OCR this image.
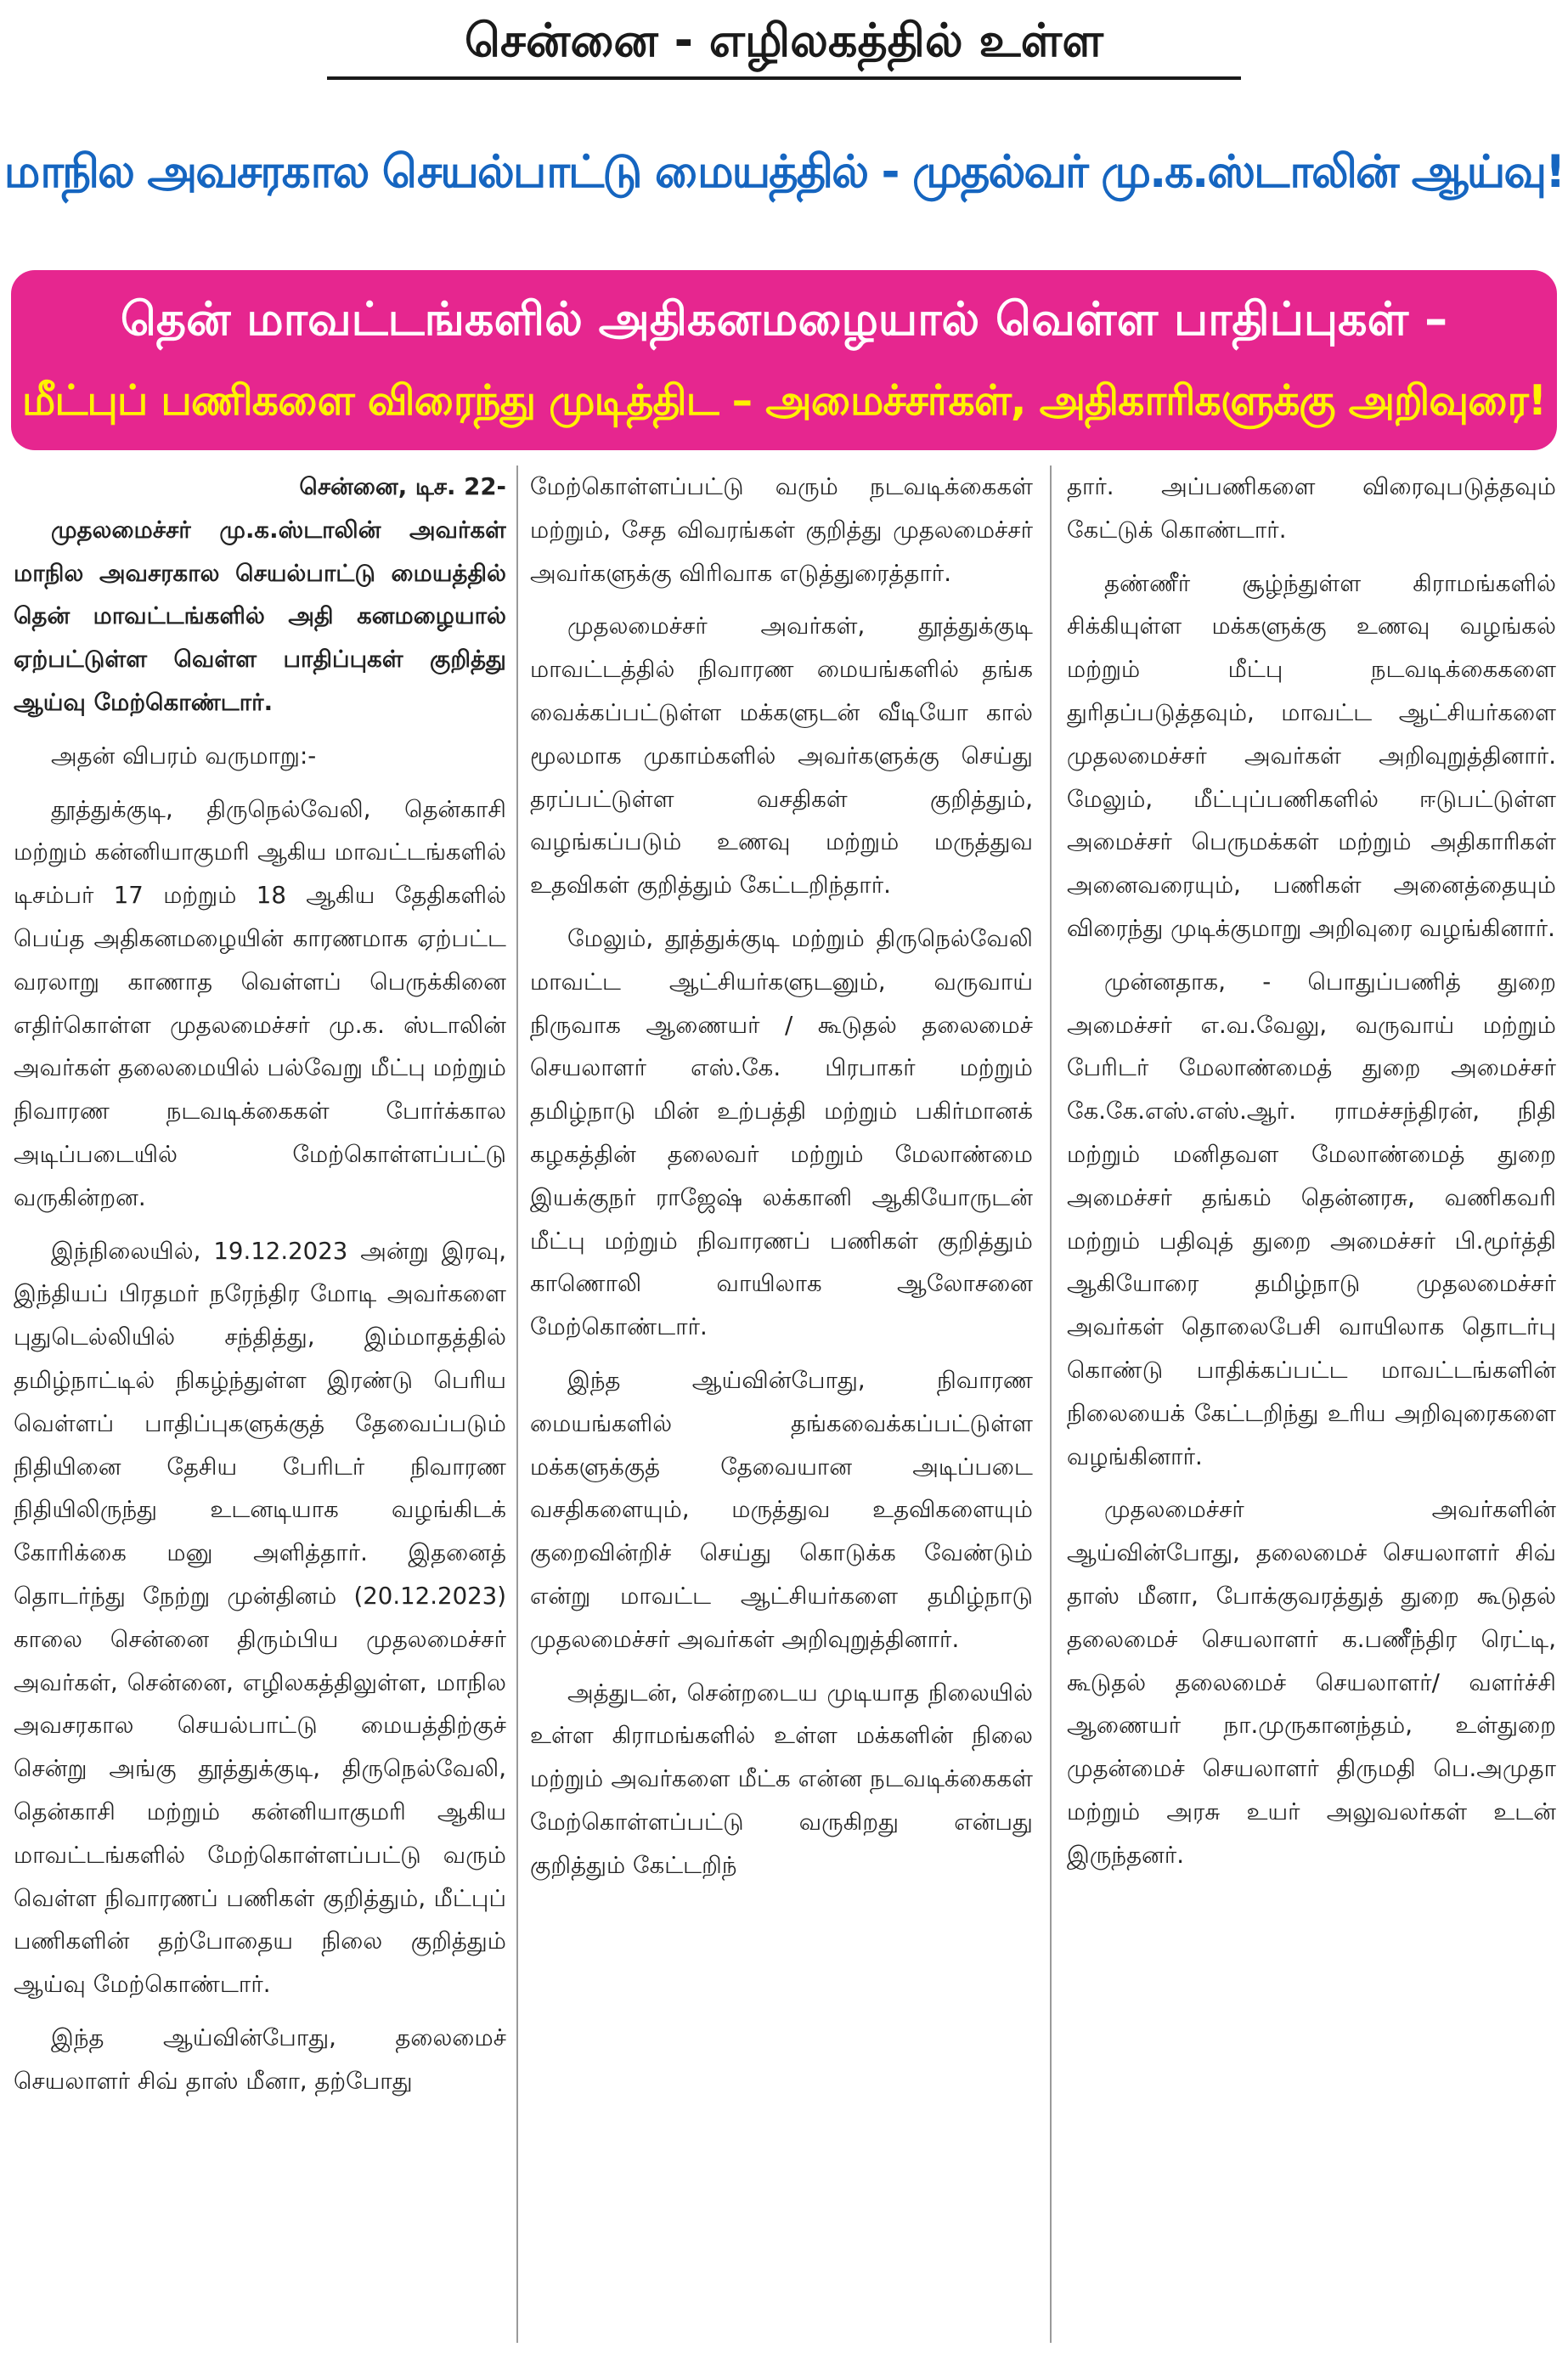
சென்னை - எழிலகத்தில் உள்ள
மாநில அவசரகால செயல்பாட்டு மையத்தில் - முதல்வர் மு.க.ஸ்டாலின் ஆய்வு!
தென் மாவட்டங்களில் அதிகனமழையால் வெள்ள பாதிப்புகள் –
மீட்புப் பணிகளை விரைந்து முடித்திட – அமைச்சர்கள், அதிகாரிகளுக்கு அறிவுரை!

சென்னை, டிச. 22-

முதலமைச்சர் மு.க.ஸ்டாலின் அவர்கள் மாநில அவசரகால செயல்பாட்டு மையத்தில் தென் மாவட்டங்களில் அதி கனமழையால் ஏற்பட்டுள்ள வெள்ள பாதிப்புகள் குறித்து ஆய்வு மேற்கொண்டார்.

அதன் விபரம் வருமாறு:-

தூத்துக்குடி, திருநெல்வேலி, தென்காசி மற்றும் கன்னியாகுமரி ஆகிய மாவட்டங்களில் டிசம்பர் 17 மற்றும் 18 ஆகிய தேதிகளில் பெய்த அதிகனமழையின் காரணமாக ஏற்பட்ட வரலாறு காணாத வெள்ளப் பெருக்கினை எதிர்கொள்ள முதலமைச்சர் மு.க. ஸ்டாலின் அவர்கள் தலைமையில் பல்வேறு மீட்பு மற்றும் நிவாரண நடவடிக்கைகள் போர்க்கால அடிப்படையில் மேற்கொள்ளப்பட்டு வருகின்றன.

இந்நிலையில், 19.12.2023 அன்று இரவு, இந்தியப் பிரதமர் நரேந்திர மோடி அவர்களை புதுடெல்லியில் சந்தித்து, இம்மாதத்தில் தமிழ்நாட்டில் நிகழ்ந்துள்ள இரண்டு பெரிய வெள்ளப் பாதிப்புகளுக்குத் தேவைப்படும் நிதியினை தேசிய பேரிடர் நிவாரண நிதியிலிருந்து உடனடியாக வழங்கிடக் கோரிக்கை மனு அளித்தார். இதனைத் தொடர்ந்து நேற்று முன்தினம் (20.12.2023) காலை சென்னை திரும்பிய முதலமைச்சர் அவர்கள், சென்னை, எழிலகத்திலுள்ள, மாநில அவசரகால செயல்பாட்டு மையத்திற்குச் சென்று அங்கு தூத்துக்குடி, திருநெல்வேலி, தென்காசி மற்றும் கன்னியாகுமரி ஆகிய மாவட்டங்களில் மேற்கொள்ளப்பட்டு வரும் வெள்ள நிவாரணப் பணிகள் குறித்தும், மீட்புப் பணிகளின் தற்போதைய நிலை குறித்தும் ஆய்வு மேற்கொண்டார்.

இந்த ஆய்வின்போது, தலைமைச் செயலாளர் சிவ் தாஸ் மீனா, தற்போது

மேற்கொள்ளப்பட்டு வரும் நடவடிக்கைகள் மற்றும், சேத விவரங்கள் குறித்து முதலமைச்சர் அவர்களுக்கு விரிவாக எடுத்துரைத்தார்.

முதலமைச்சர் அவர்கள், தூத்துக்குடி மாவட்டத்தில் நிவாரண மையங்களில் தங்க வைக்கப்பட்டுள்ள மக்களுடன் வீடியோ கால் மூலமாக முகாம்களில் அவர்களுக்கு செய்து தரப்பட்டுள்ள வசதிகள் குறித்தும், வழங்கப்படும் உணவு மற்றும் மருத்துவ உதவிகள் குறித்தும் கேட்டறிந்தார்.

மேலும், தூத்துக்குடி மற்றும் திருநெல்வேலி மாவட்ட ஆட்சியர்களுடனும், வருவாய் நிருவாக ஆணையர் / கூடுதல் தலைமைச் செயலாளர் எஸ்.கே. பிரபாகர் மற்றும் தமிழ்நாடு மின் உற்பத்தி மற்றும் பகிர்மானக் கழகத்தின் தலைவர் மற்றும் மேலாண்மை இயக்குநர் ராஜேஷ் லக்கானி ஆகியோருடன் மீட்பு மற்றும் நிவாரணப் பணிகள் குறித்தும் காணொலி வாயிலாக ஆலோசனை மேற்கொண்டார்.

இந்த ஆய்வின்போது, நிவாரண மையங்களில் தங்கவைக்கப்பட்டுள்ள மக்களுக்குத் தேவையான அடிப்படை வசதிகளையும், மருத்துவ உதவிகளையும் குறைவின்றிச் செய்து கொடுக்க வேண்டும் என்று மாவட்ட ஆட்சியர்களை தமிழ்நாடு முதலமைச்சர் அவர்கள் அறிவுறுத்தினார்.

அத்துடன், சென்றடைய முடியாத நிலையில் உள்ள கிராமங்களில் உள்ள மக்களின் நிலை மற்றும் அவர்களை மீட்க என்ன நடவடிக்கைகள் மேற்கொள்ளப்பட்டு வருகிறது என்பது குறித்தும் கேட்டறிந்

தார். அப்பணிகளை விரைவுபடுத்தவும் கேட்டுக் கொண்டார்.

தண்ணீர் சூழ்ந்துள்ள கிராமங்களில் சிக்கியுள்ள மக்களுக்கு உணவு வழங்கல் மற்றும் மீட்பு நடவடிக்கைகளை துரிதப்படுத்தவும், மாவட்ட ஆட்சியர்களை முதலமைச்சர் அவர்கள் அறிவுறுத்தினார். மேலும், மீட்புப்பணிகளில் ஈடுபட்டுள்ள அமைச்சர் பெருமக்கள் மற்றும் அதிகாரிகள் அனைவரையும், பணிகள் அனைத்தையும் விரைந்து முடிக்குமாறு அறிவுரை வழங்கினார்.

முன்னதாக, - பொதுப்பணித் துறை அமைச்சர் எ.வ.வேலு, வருவாய் மற்றும் பேரிடர் மேலாண்மைத் துறை அமைச்சர் கே.கே.எஸ்.எஸ்.ஆர். ராமச்சந்திரன், நிதி மற்றும் மனிதவள மேலாண்மைத் துறை அமைச்சர் தங்கம் தென்னரசு, வணிகவரி மற்றும் பதிவுத் துறை அமைச்சர் பி.மூர்த்தி ஆகியோரை தமிழ்நாடு முதலமைச்சர் அவர்கள் தொலைபேசி வாயிலாக தொடர்பு கொண்டு பாதிக்கப்பட்ட மாவட்டங்களின் நிலையைக் கேட்டறிந்து உரிய அறிவுரைகளை வழங்கினார்.

முதலமைச்சர் அவர்களின் ஆய்வின்போது, தலைமைச் செயலாளர் சிவ் தாஸ் மீனா, போக்குவரத்துத் துறை கூடுதல் தலைமைச் செயலாளர் க.பணீந்திர ரெட்டி, கூடுதல் தலைமைச் செயலாளர்/ வளர்ச்சி ஆணையர் நா.முருகானந்தம், உள்துறை முதன்மைச் செயலாளர் திருமதி பெ.அமுதா மற்றும் அரசு உயர் அலுவலர்கள் உடன் இருந்தனர்.
